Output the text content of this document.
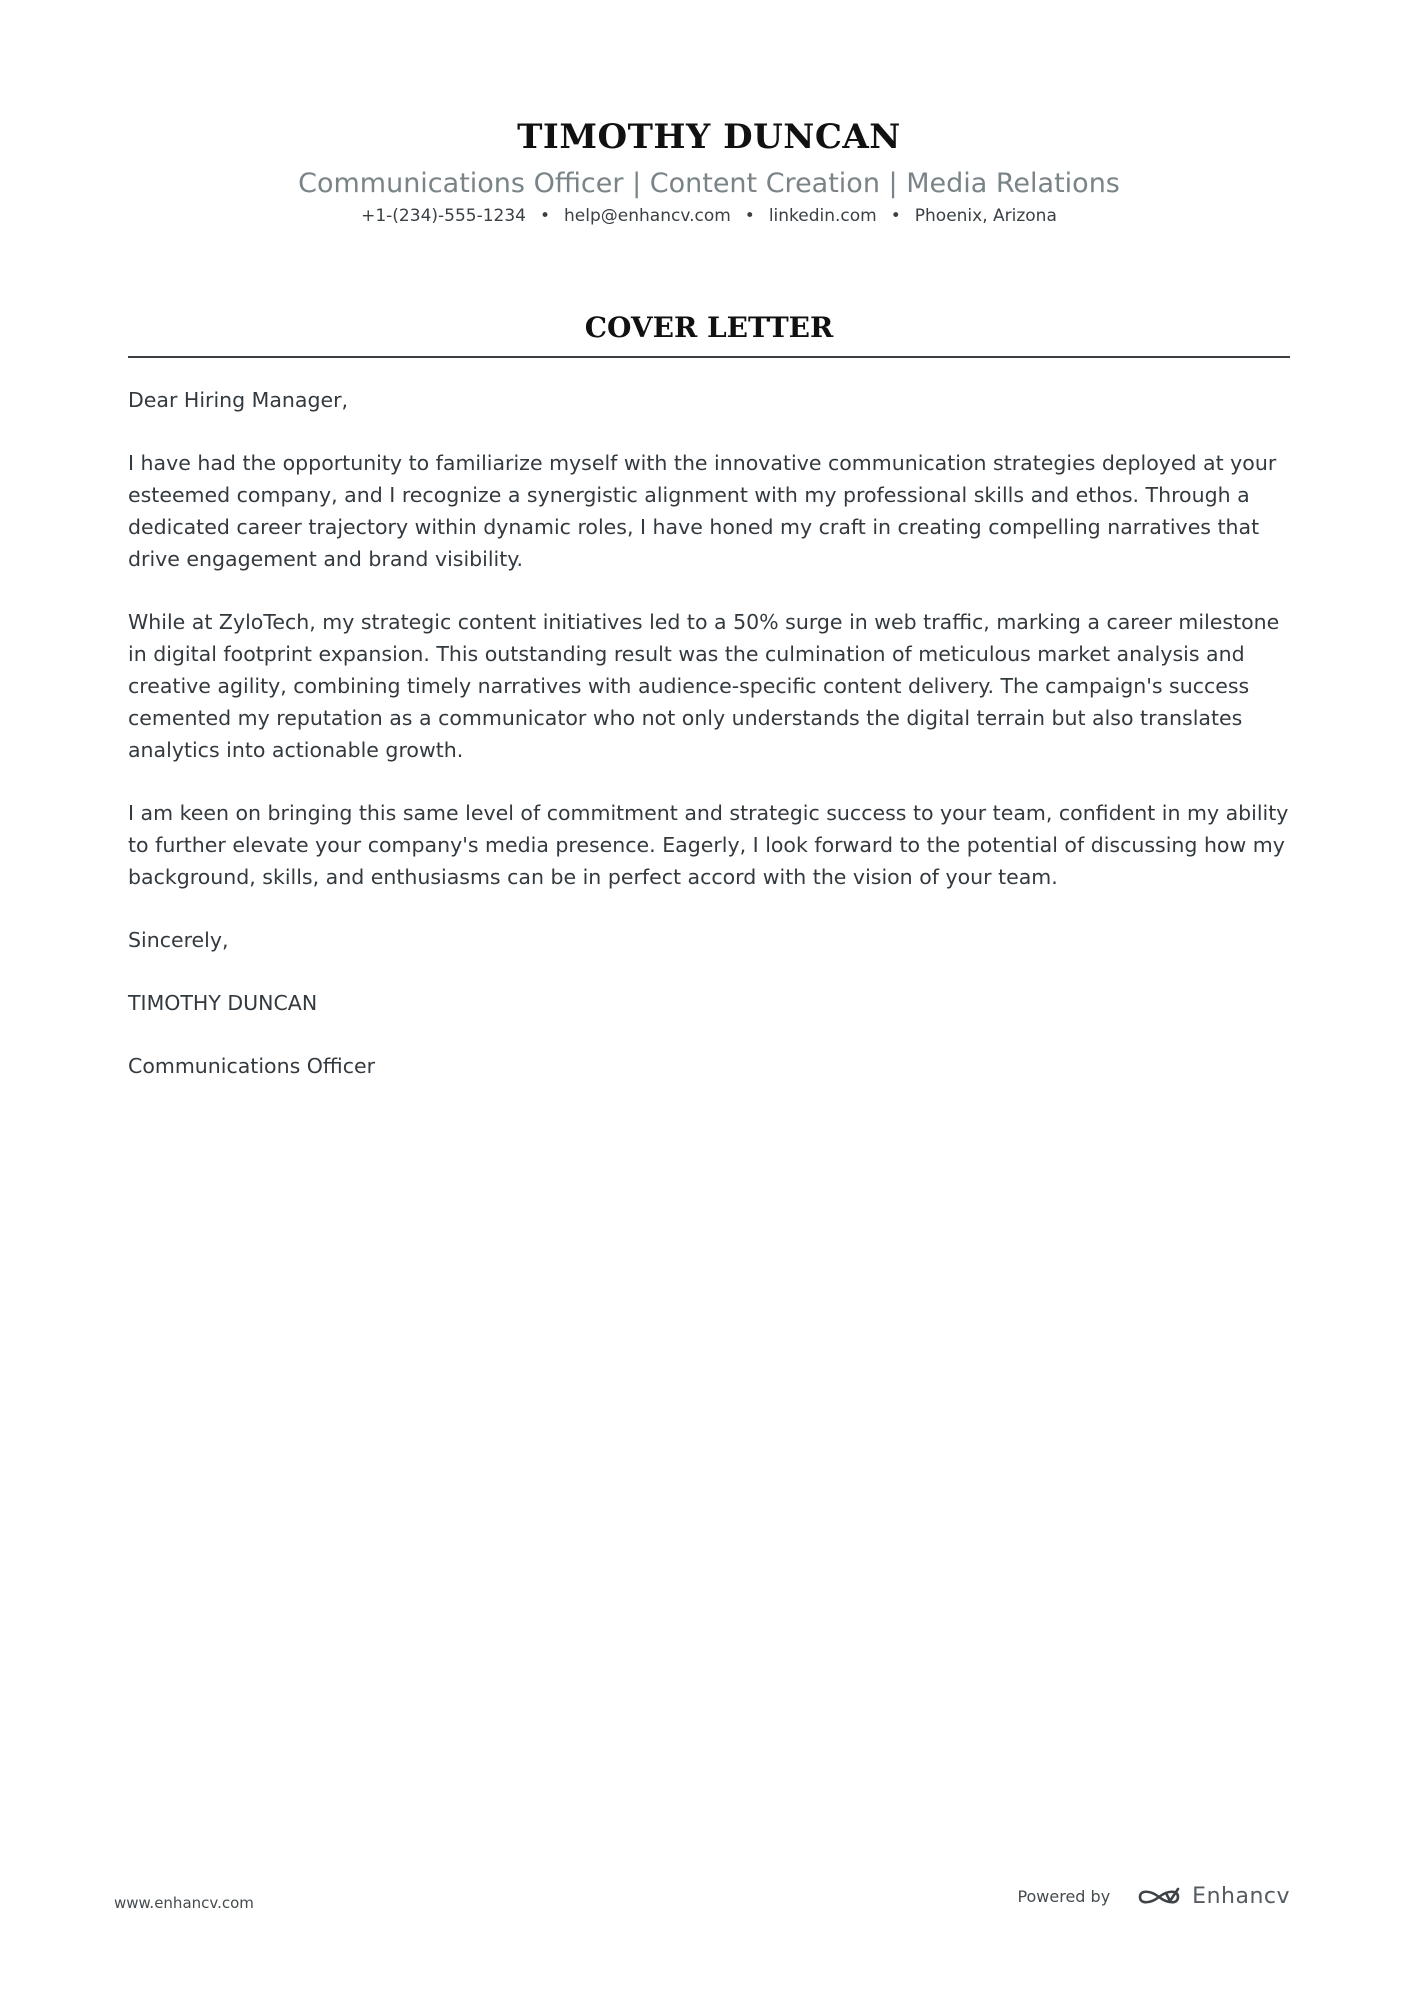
TIMOTHY DUNCAN
Communications Officer | Content Creation | Media Relations
+1-(234)-555-1234 • help@enhancv.com • linkedin.com • Phoenix, Arizona
COVER LETTER

Dear Hiring Manager,

I have had the opportunity to familiarize myself with the innovative communication strategies deployed at your esteemed company, and I recognize a synergistic alignment with my professional skills and ethos. Through a dedicated career trajectory within dynamic roles, I have honed my craft in creating compelling narratives that drive engagement and brand visibility.

While at ZyloTech, my strategic content initiatives led to a 50% surge in web traffic, marking a career milestone in digital footprint expansion. This outstanding result was the culmination of meticulous market analysis and creative agility, combining timely narratives with audience-specific content delivery. The campaign's success cemented my reputation as a communicator who not only understands the digital terrain but also translates analytics into actionable growth.

I am keen on bringing this same level of commitment and strategic success to your team, confident in my ability to further elevate your company's media presence. Eagerly, I look forward to the potential of discussing how my background, skills, and enthusiasms can be in perfect accord with the vision of your team.

Sincerely,

TIMOTHY DUNCAN

Communications Officer

www.enhancv.com	Powered by	Enhancv
